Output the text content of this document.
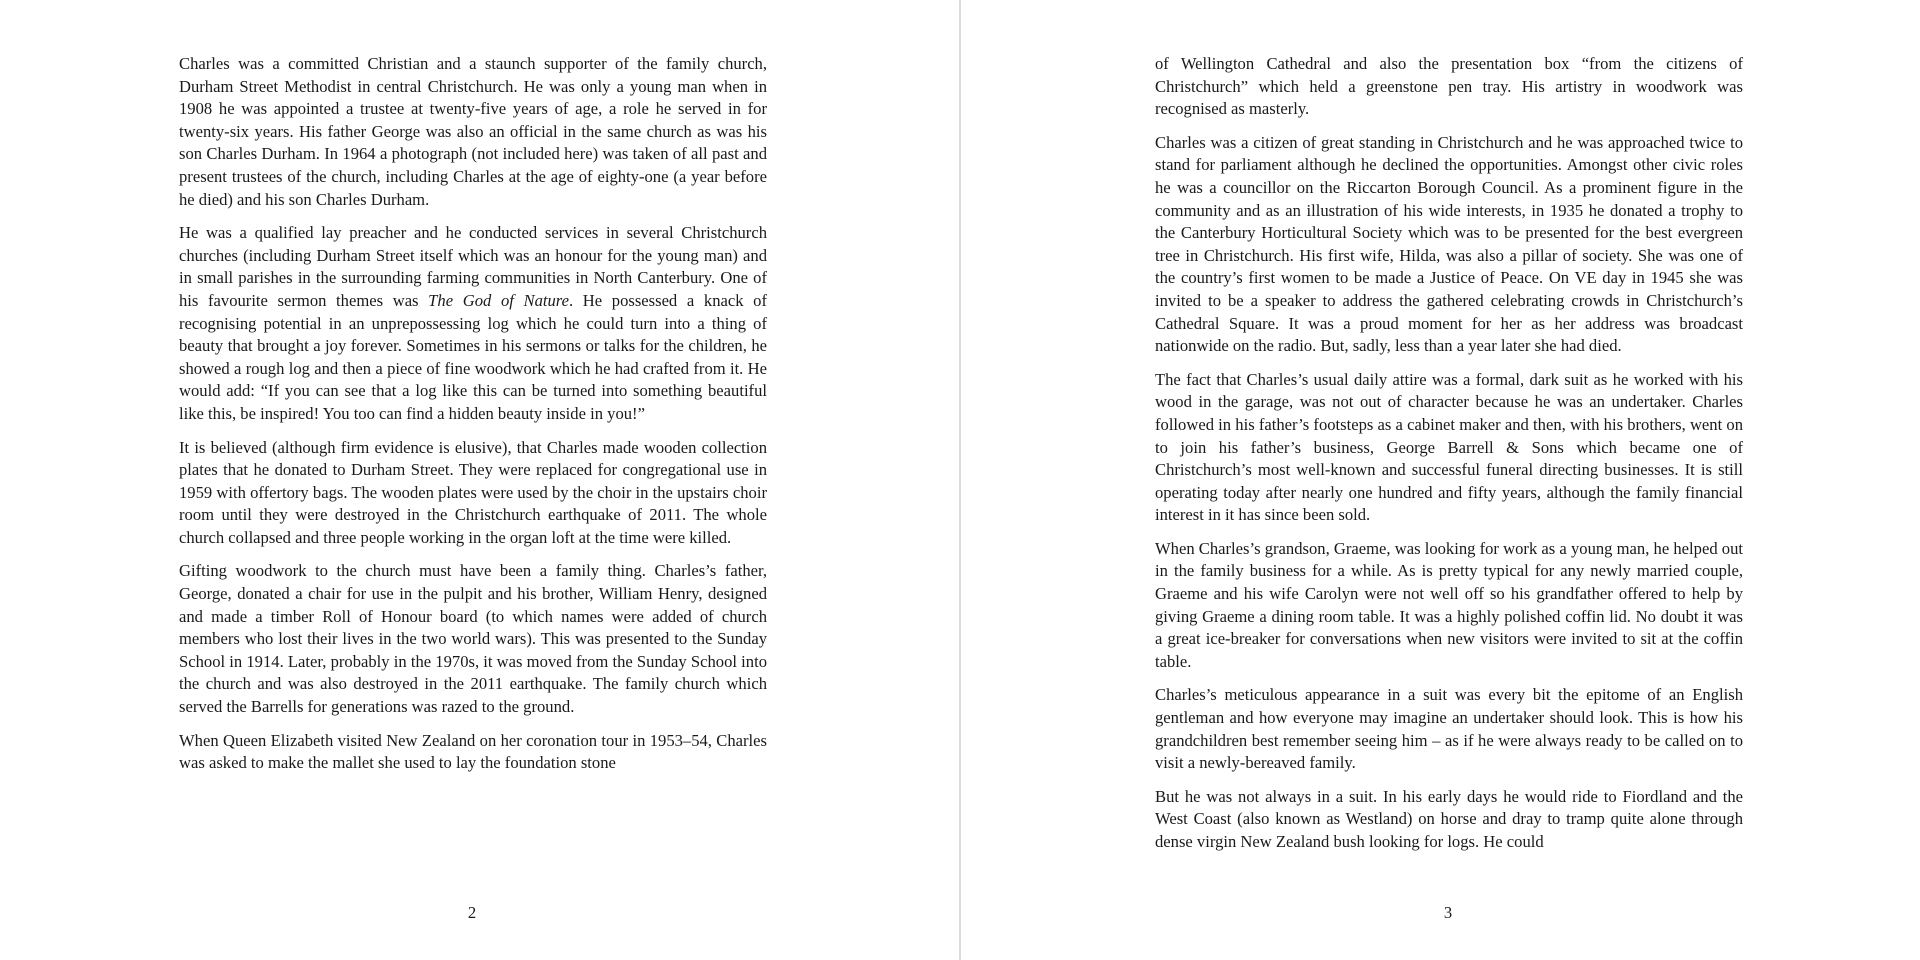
Charles was a committed Christian and a staunch supporter of the family church, Durham Street Methodist in central Christchurch. He was only a young man when in 1908 he was appointed a trustee at twenty-five years of age, a role he served in for twenty-six years. His father George was also an official in the same church as was his son Charles Durham. In 1964 a photograph (not included here) was taken of all past and present trustees of the church, including Charles at the age of eighty-one (a year before he died) and his son Charles Durham.

He was a qualified lay preacher and he conducted services in several Christchurch churches (including Durham Street itself which was an honour for the young man) and in small parishes in the surrounding farming communities in North Canterbury. One of his favourite sermon themes was The God of Nature. He possessed a knack of recognising potential in an unprepossessing log which he could turn into a thing of beauty that brought a joy forever. Sometimes in his sermons or talks for the children, he showed a rough log and then a piece of fine woodwork which he had crafted from it. He would add: “If you can see that a log like this can be turned into something beautiful like this, be inspired! You too can find a hidden beauty inside in you!”

It is believed (although firm evidence is elusive), that Charles made wooden collection plates that he donated to Durham Street. They were replaced for congregational use in 1959 with offertory bags. The wooden plates were used by the choir in the upstairs choir room until they were destroyed in the Christchurch earthquake of 2011. The whole church collapsed and three people working in the organ loft at the time were killed.

Gifting woodwork to the church must have been a family thing. Charles’s father, George, donated a chair for use in the pulpit and his brother, William Henry, designed and made a timber Roll of Honour board (to which names were added of church members who lost their lives in the two world wars). This was presented to the Sunday School in 1914. Later, probably in the 1970s, it was moved from the Sunday School into the church and was also destroyed in the 2011 earthquake. The family church which served the Barrells for generations was razed to the ground.

When Queen Elizabeth visited New Zealand on her coronation tour in 1953–54, Charles was asked to make the mallet she used to lay the foundation stone

2

of Wellington Cathedral and also the presentation box “from the citizens of Christchurch” which held a greenstone pen tray. His artistry in woodwork was recognised as masterly.

Charles was a citizen of great standing in Christchurch and he was approached twice to stand for parliament although he declined the opportunities. Amongst other civic roles he was a councillor on the Riccarton Borough Council. As a prominent figure in the community and as an illustration of his wide interests, in 1935 he donated a trophy to the Canterbury Horticultural Society which was to be presented for the best evergreen tree in Christchurch. His first wife, Hilda, was also a pillar of society. She was one of the country’s first women to be made a Justice of Peace. On VE day in 1945 she was invited to be a speaker to address the gathered celebrating crowds in Christchurch’s Cathedral Square. It was a proud moment for her as her address was broadcast nationwide on the radio. But, sadly, less than a year later she had died.

The fact that Charles’s usual daily attire was a formal, dark suit as he worked with his wood in the garage, was not out of character because he was an undertaker. Charles followed in his father’s footsteps as a cabinet maker and then, with his brothers, went on to join his father’s business, George Barrell & Sons which became one of Christchurch’s most well-known and successful funeral directing businesses. It is still operating today after nearly one hundred and fifty years, although the family financial interest in it has since been sold.

When Charles’s grandson, Graeme, was looking for work as a young man, he helped out in the family business for a while. As is pretty typical for any newly married couple, Graeme and his wife Carolyn were not well off so his grandfather offered to help by giving Graeme a dining room table. It was a highly polished coffin lid. No doubt it was a great ice-breaker for conversations when new visitors were invited to sit at the coffin table.

Charles’s meticulous appearance in a suit was every bit the epitome of an English gentleman and how everyone may imagine an undertaker should look. This is how his grandchildren best remember seeing him – as if he were always ready to be called on to visit a newly-bereaved family.

But he was not always in a suit. In his early days he would ride to Fiordland and the West Coast (also known as Westland) on horse and dray to tramp quite alone through dense virgin New Zealand bush looking for logs. He could

3
